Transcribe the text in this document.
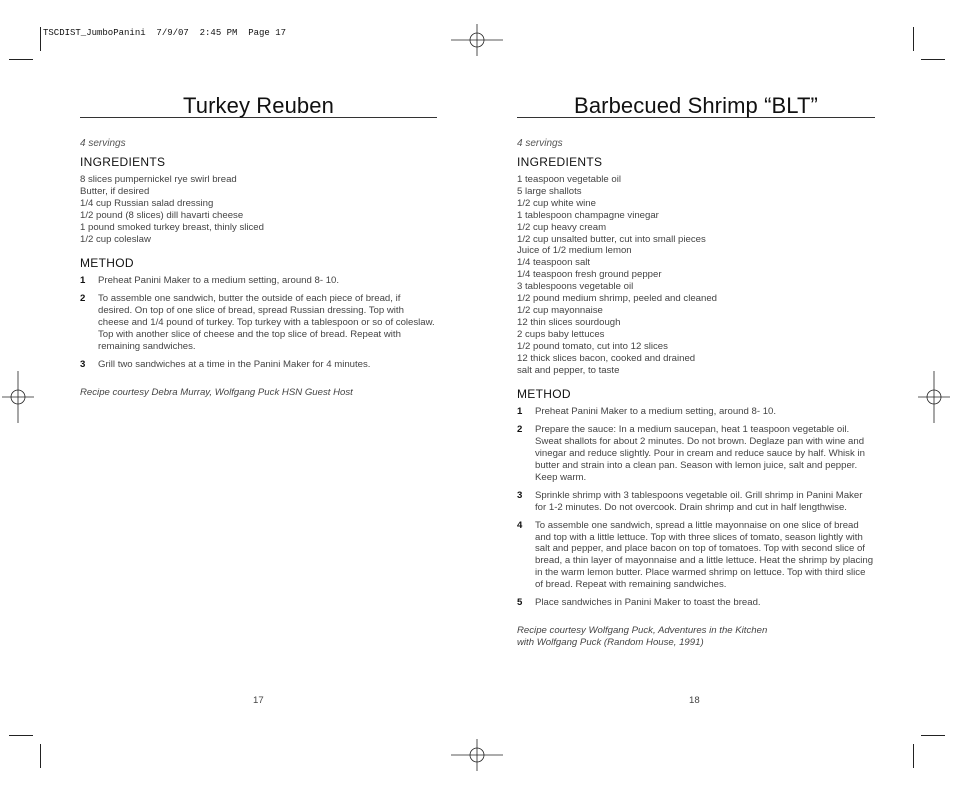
TSCDIST_JumboPanini  7/9/07  2:45 PM  Page 17
Turkey Reuben
4 servings
INGREDIENTS
8 slices pumpernickel rye swirl bread
Butter, if desired
1/4 cup Russian salad dressing
1/2 pound (8 slices) dill havarti cheese
1 pound smoked turkey breast, thinly sliced
1/2 cup coleslaw
METHOD
1	Preheat Panini Maker to a medium setting, around 8- 10.
2	To assemble one sandwich, butter the outside of each piece of bread, if desired. On top of one slice of bread, spread Russian dressing. Top with cheese and 1/4 pound of turkey. Top turkey with a tablespoon or so of coleslaw. Top with another slice of cheese and the top slice of bread. Repeat with remaining sandwiches.
3	Grill two sandwiches at a time in the Panini Maker for 4 minutes.
Recipe courtesy Debra Murray, Wolfgang Puck HSN Guest Host
17
Barbecued Shrimp “BLT”
4 servings
INGREDIENTS
1 teaspoon vegetable oil
5 large shallots
1/2 cup white wine
1 tablespoon champagne vinegar
1/2 cup heavy cream
1/2 cup unsalted butter, cut into small pieces
Juice of 1/2 medium lemon
1/4 teaspoon salt
1/4 teaspoon fresh ground pepper
3 tablespoons vegetable oil
1/2 pound medium shrimp, peeled and cleaned
1/2 cup mayonnaise
12 thin slices sourdough
2 cups baby lettuces
1/2 pound tomato, cut into 12 slices
12 thick slices bacon, cooked and drained
salt and pepper, to taste
METHOD
1	Preheat Panini Maker to a medium setting, around 8- 10.
2	Prepare the sauce: In a medium saucepan, heat 1 teaspoon vegetable oil. Sweat shallots for about 2 minutes. Do not brown. Deglaze pan with wine and vinegar and reduce slightly. Pour in cream and reduce sauce by half. Whisk in butter and strain into a clean pan. Season with lemon juice, salt and pepper. Keep warm.
3	Sprinkle shrimp with 3 tablespoons vegetable oil. Grill shrimp in Panini Maker for 1-2 minutes. Do not overcook. Drain shrimp and cut in half lengthwise.
4	To assemble one sandwich, spread a little mayonnaise on one slice of bread and top with a little lettuce. Top with three slices of tomato, season lightly with salt and pepper, and place bacon on top of tomatoes. Top with second slice of bread, a thin layer of mayonnaise and a little lettuce. Heat the shrimp by placing in the warm lemon butter. Place warmed shrimp on lettuce. Top with third slice of bread. Repeat with remaining sandwiches.
5	Place sandwiches in Panini Maker to toast the bread.
Recipe courtesy Wolfgang Puck, Adventures in the Kitchen
with Wolfgang Puck (Random House, 1991)
18
